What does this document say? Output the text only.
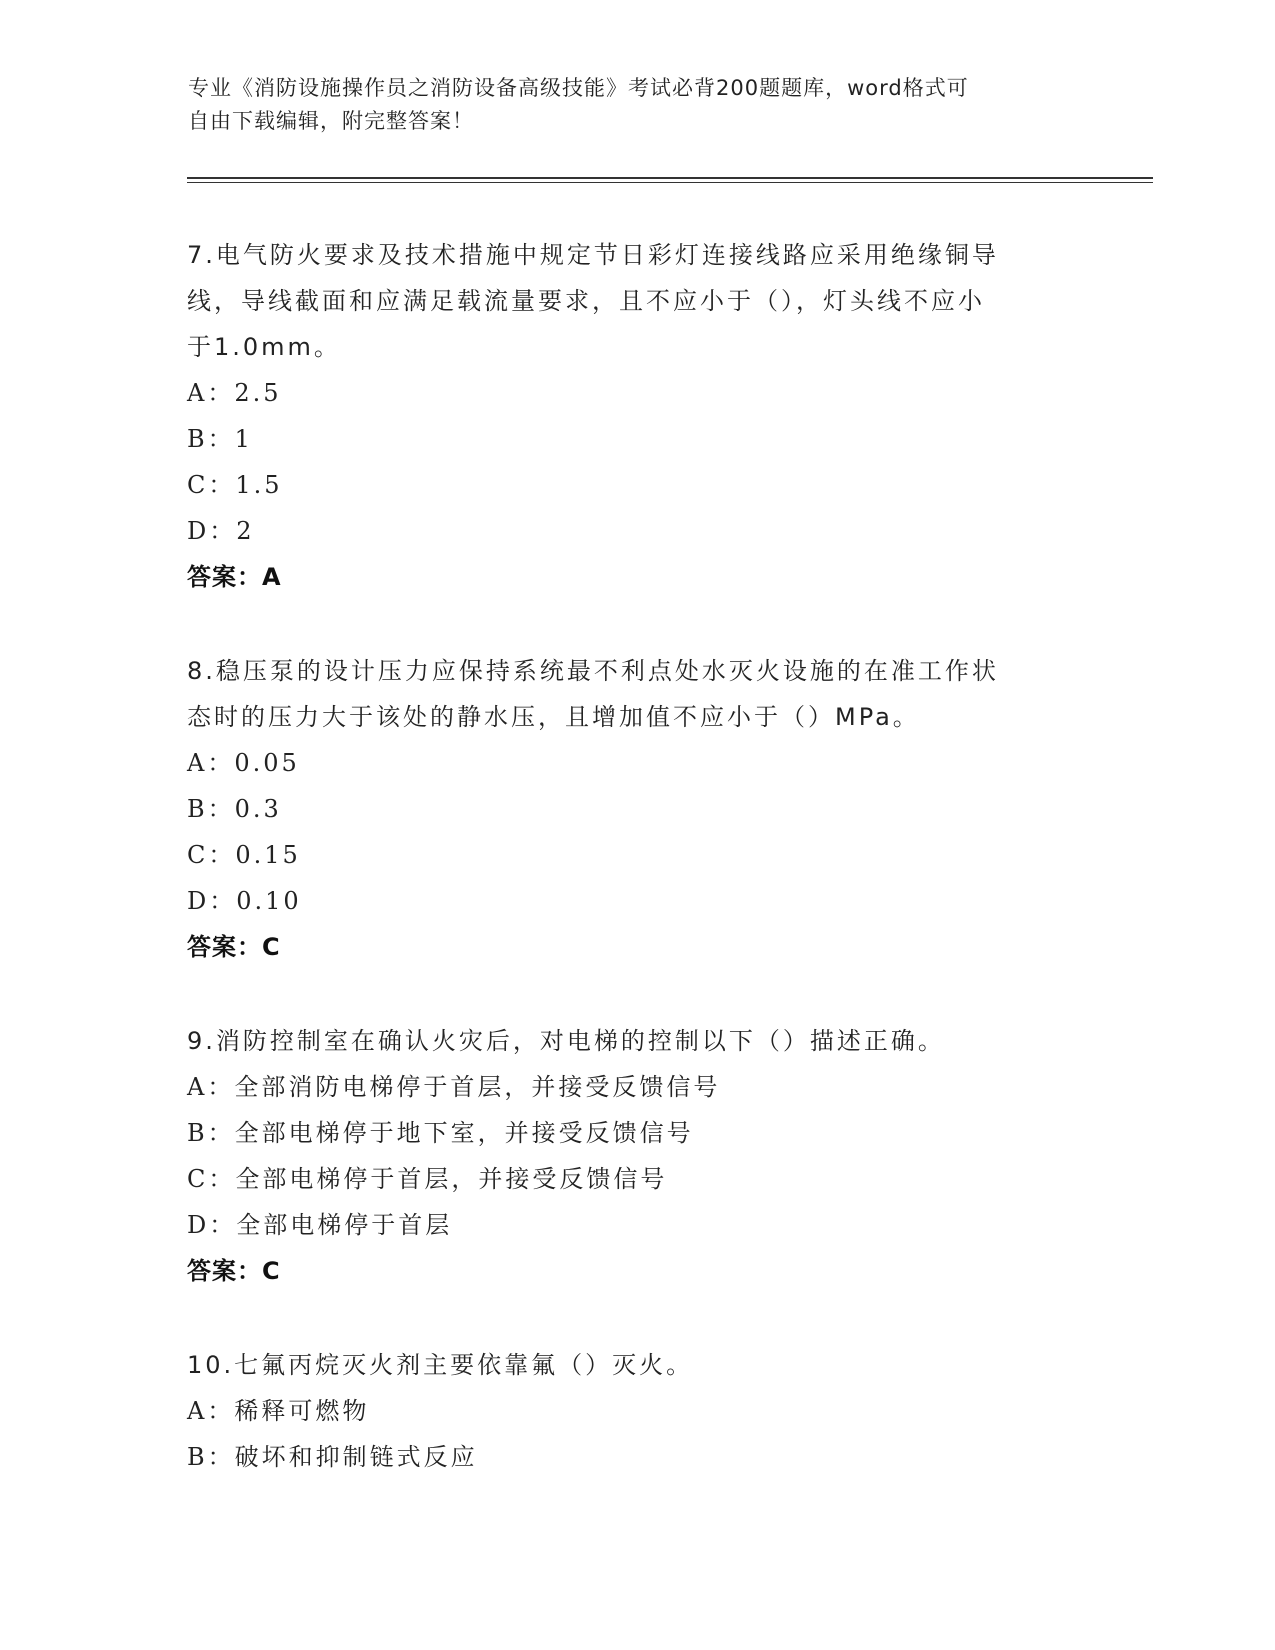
专业《消防设施操作员之消防设备高级技能》考试必背200题题库，word格式可
自由下载编辑，附完整答案！
7.电气防火要求及技术措施中规定节日彩灯连接线路应采用绝缘铜导
线，导线截面和应满足载流量要求，且不应小于（），灯头线不应小
于1.0mm。
A：2.5
B：1
C：1.5
D：2
答案：A
8.稳压泵的设计压力应保持系统最不利点处水灭火设施的在准工作状
态时的压力大于该处的静水压，且增加值不应小于（）MPa。
A：0.05
B：0.3
C：0.15
D：0.10
答案：C
9.消防控制室在确认火灾后，对电梯的控制以下（）描述正确。
A：全部消防电梯停于首层，并接受反馈信号
B：全部电梯停于地下室，并接受反馈信号
C：全部电梯停于首层，并接受反馈信号
D：全部电梯停于首层
答案：C
10.七氟丙烷灭火剂主要依靠氟（）灭火。
A：稀释可燃物
B：破坏和抑制链式反应
